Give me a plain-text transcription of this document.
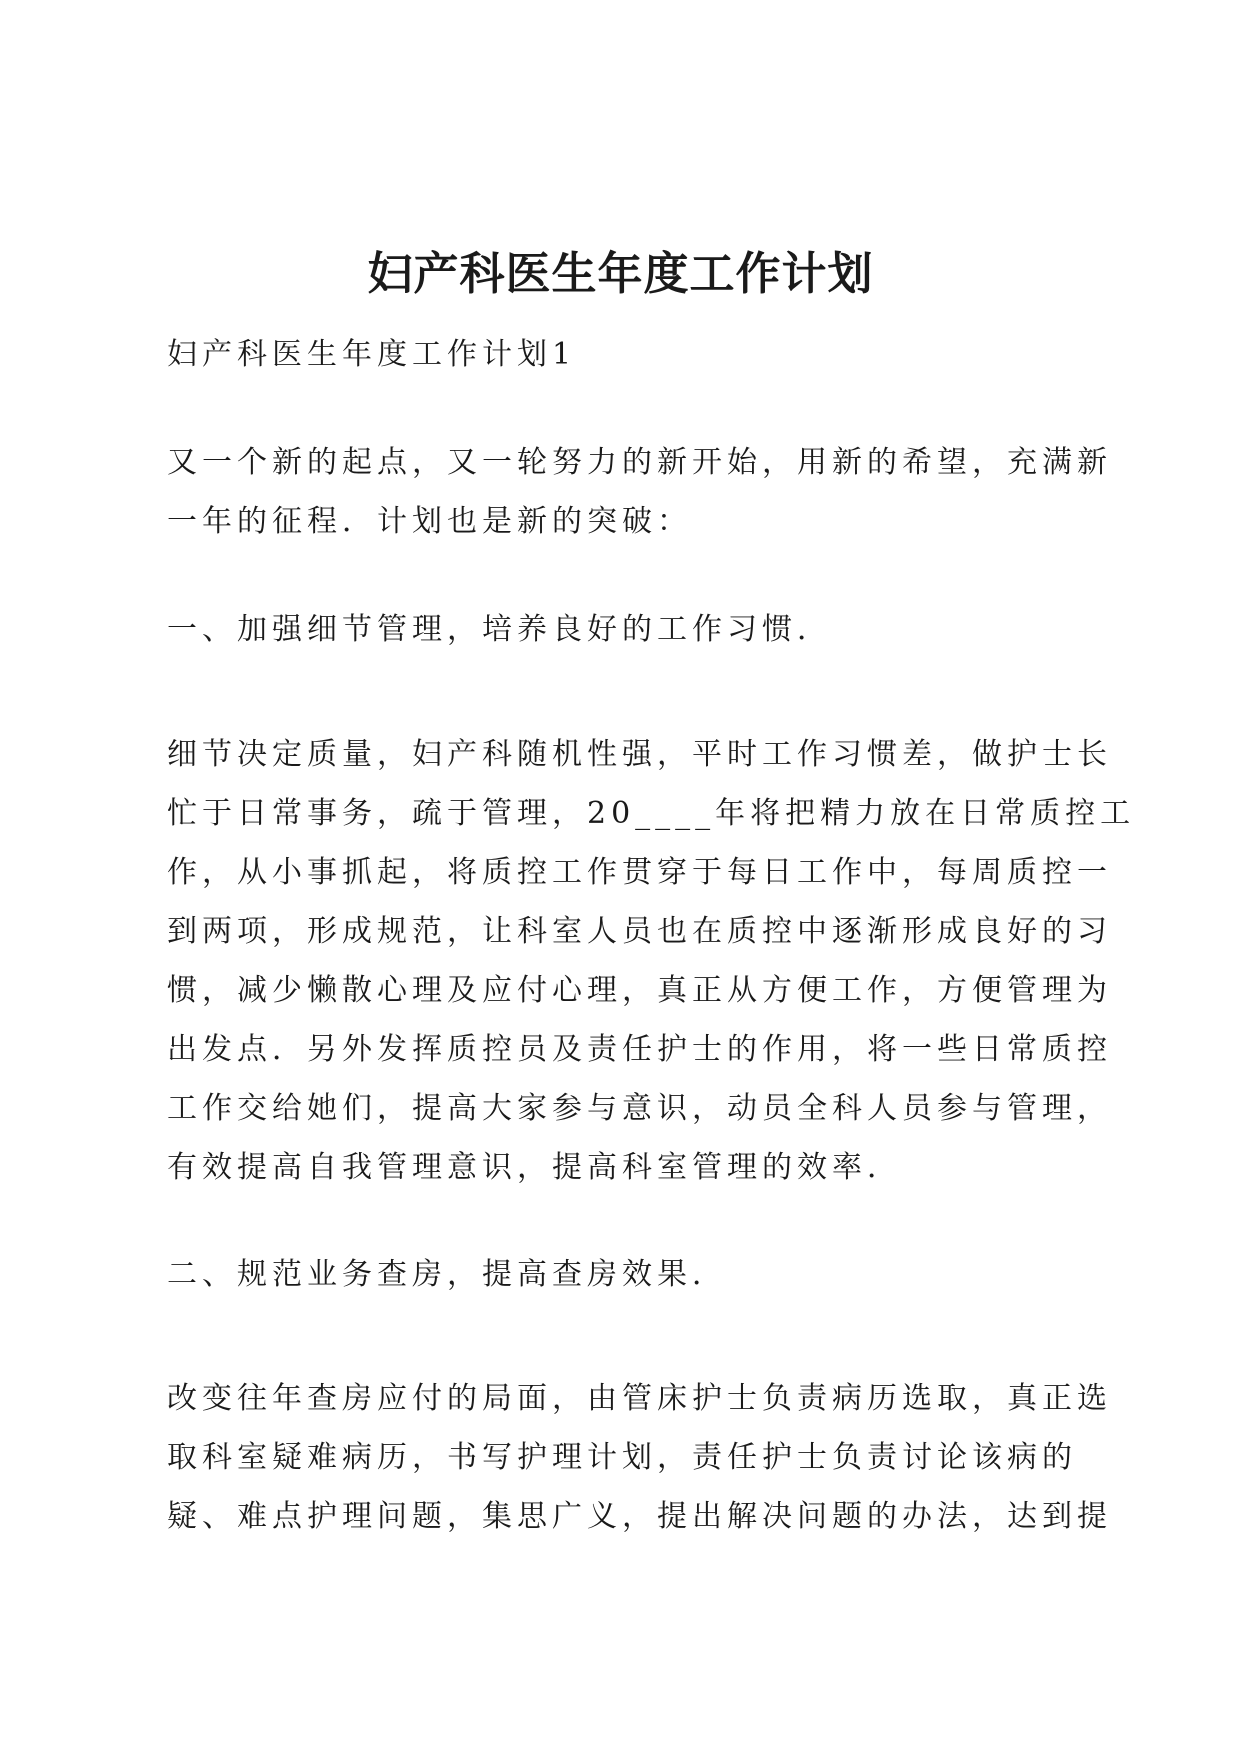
妇产科医生年度工作计划
妇产科医生年度工作计划1
又一个新的起点，又一轮努力的新开始，用新的希望，充满新
一年的征程．计划也是新的突破：
一、加强细节管理，培养良好的工作习惯．
细节决定质量，妇产科随机性强，平时工作习惯差，做护士长
忙于日常事务，疏于管理，20____年将把精力放在日常质控工
作，从小事抓起，将质控工作贯穿于每日工作中，每周质控一
到两项，形成规范，让科室人员也在质控中逐渐形成良好的习
惯，减少懒散心理及应付心理，真正从方便工作，方便管理为
出发点．另外发挥质控员及责任护士的作用，将一些日常质控
工作交给她们，提高大家参与意识，动员全科人员参与管理，
有效提高自我管理意识，提高科室管理的效率．
二、规范业务查房，提高查房效果．
改变往年查房应付的局面，由管床护士负责病历选取，真正选
取科室疑难病历，书写护理计划，责任护士负责讨论该病的
疑、难点护理问题，集思广义，提出解决问题的办法，达到提
